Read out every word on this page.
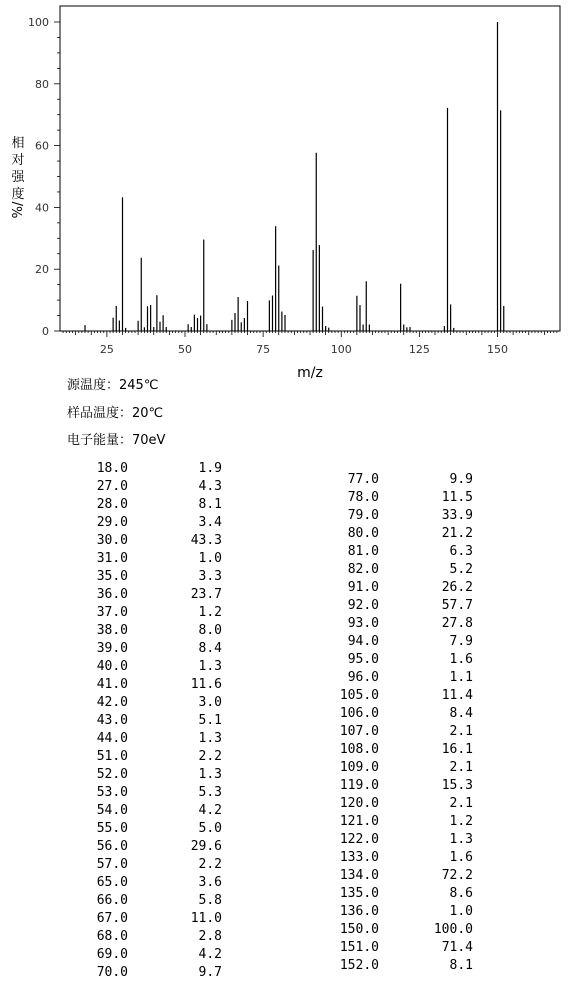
25	50	75	100	125	150
0
20
40
60
80
100
相
对
强
度
%/
m/z
源温度：245℃
样品温度：20℃
电子能量：70eV
18.0	1.9
27.0	4.3
28.0	8.1
29.0	3.4
30.0	43.3
31.0	1.0
35.0	3.3
36.0	23.7
37.0	1.2
38.0	8.0
39.0	8.4
40.0	1.3
41.0	11.6
42.0	3.0
43.0	5.1
44.0	1.3
51.0	2.2
52.0	1.3
53.0	5.3
54.0	4.2
55.0	5.0
56.0	29.6
57.0	2.2
65.0	3.6
66.0	5.8
67.0	11.0
68.0	2.8
69.0	4.2
70.0	9.7
77.0	9.9
78.0	11.5
79.0	33.9
80.0	21.2
81.0	6.3
82.0	5.2
91.0	26.2
92.0	57.7
93.0	27.8
94.0	7.9
95.0	1.6
96.0	1.1
105.0	11.4
106.0	8.4
107.0	2.1
108.0	16.1
109.0	2.1
119.0	15.3
120.0	2.1
121.0	1.2
122.0	1.3
133.0	1.6
134.0	72.2
135.0	8.6
136.0	1.0
150.0	100.0
151.0	71.4
152.0	8.1
